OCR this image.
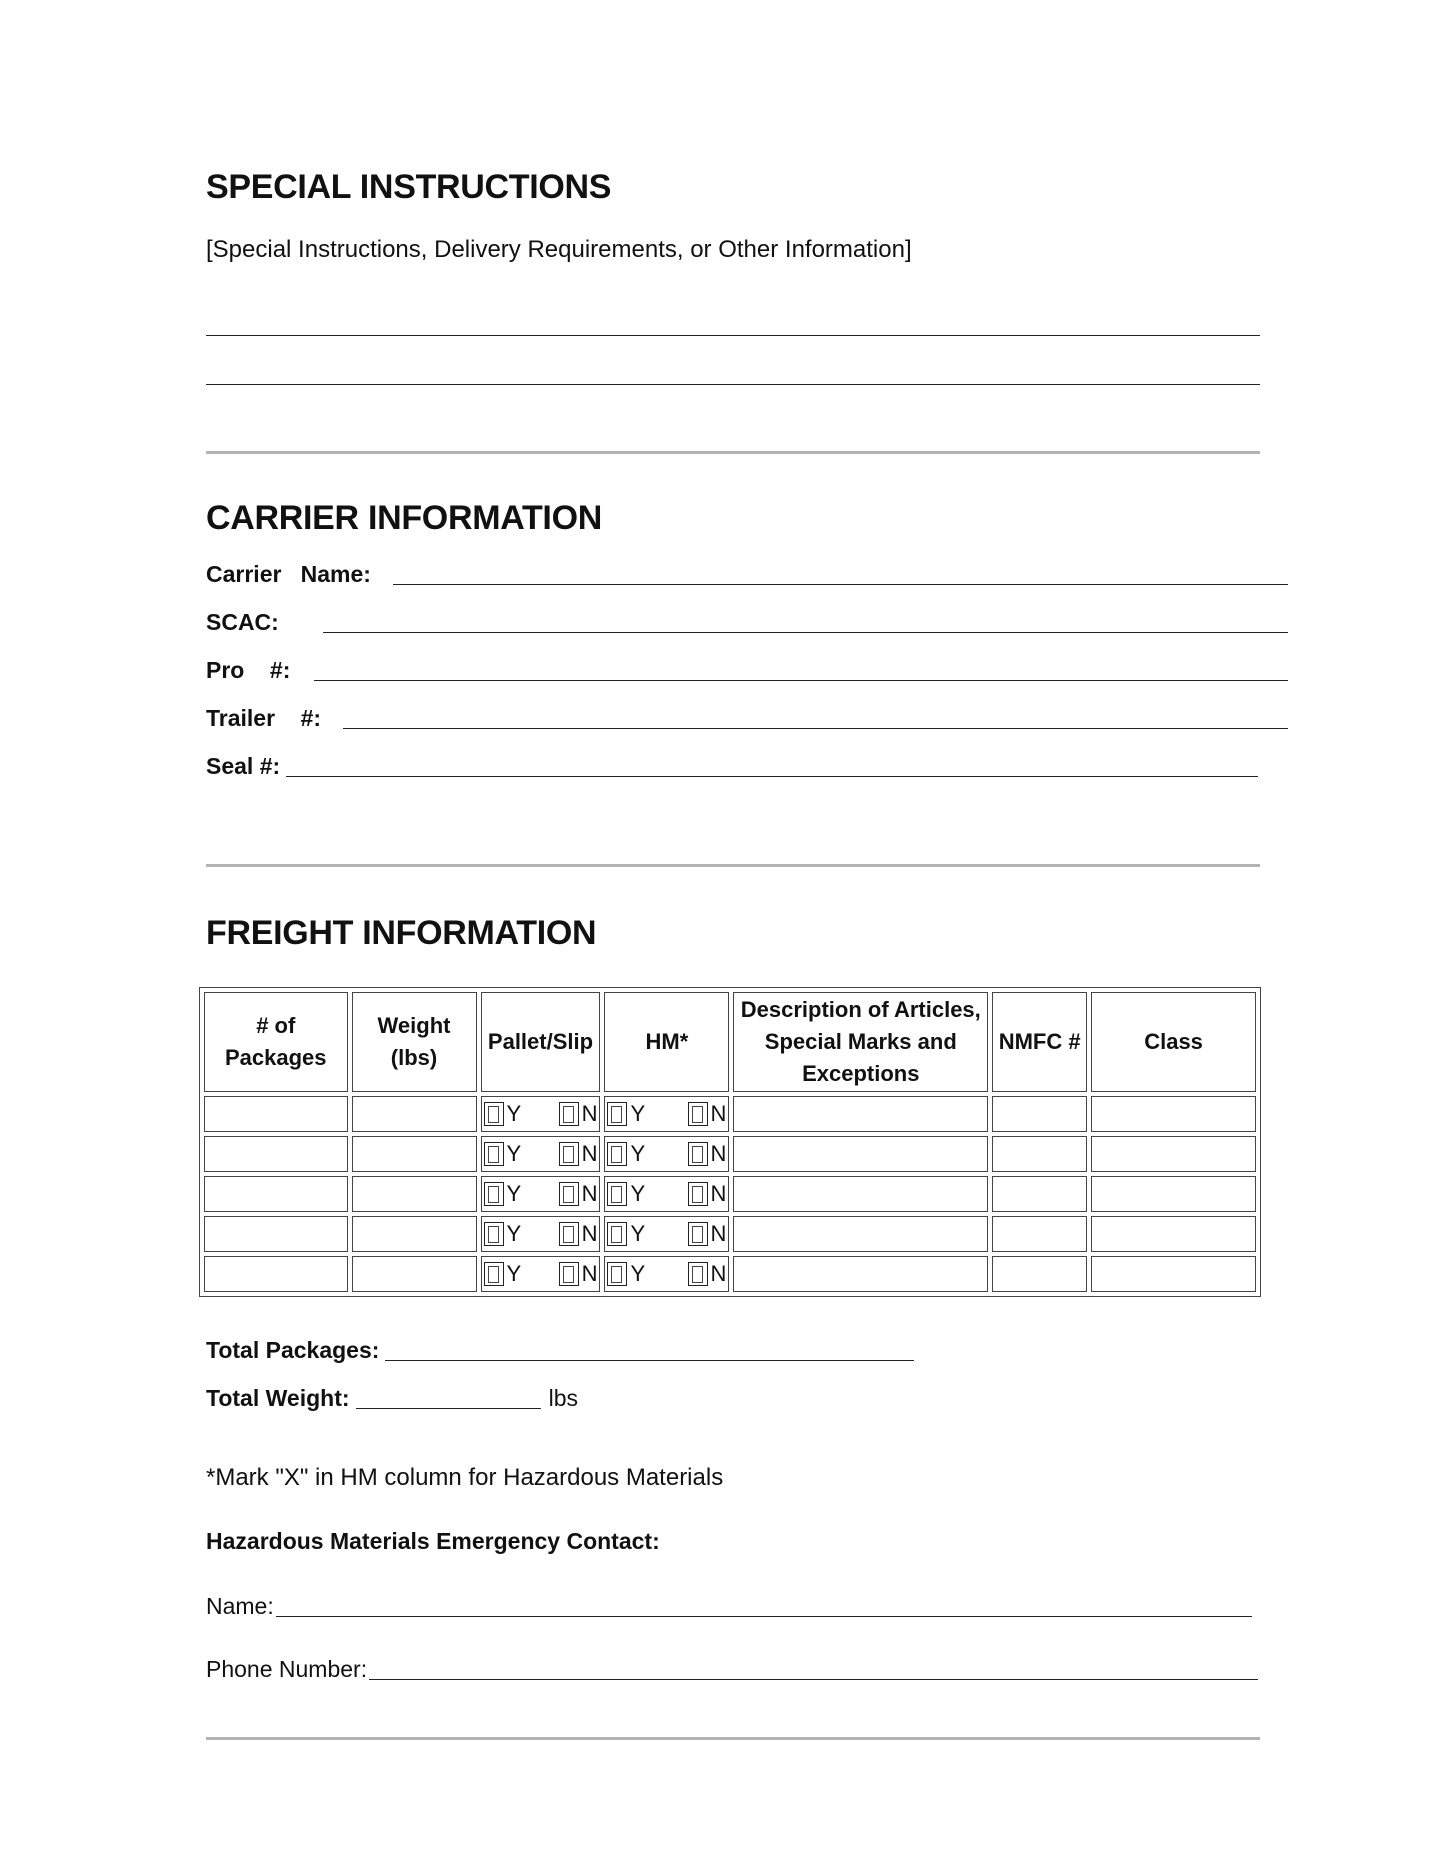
SPECIAL INSTRUCTIONS
[Special Instructions, Delivery Requirements, or Other Information]
CARRIER INFORMATION
Carrier   Name:
SCAC:
Pro    #:
Trailer    #:
Seal #:
FREIGHT INFORMATION
# of Packages	Weight (lbs)	Pallet/Slip	HM*	Description of Articles, Special Marks and Exceptions	NMFC #	Class

		Y N	Y N			

		Y N	Y N			

		Y N	Y N			

		Y N	Y N			

		Y N	Y N			

Total Packages:
Total Weight:	lbs
*Mark "X" in HM column for Hazardous Materials
Hazardous Materials Emergency Contact:
Name:
Phone Number:
